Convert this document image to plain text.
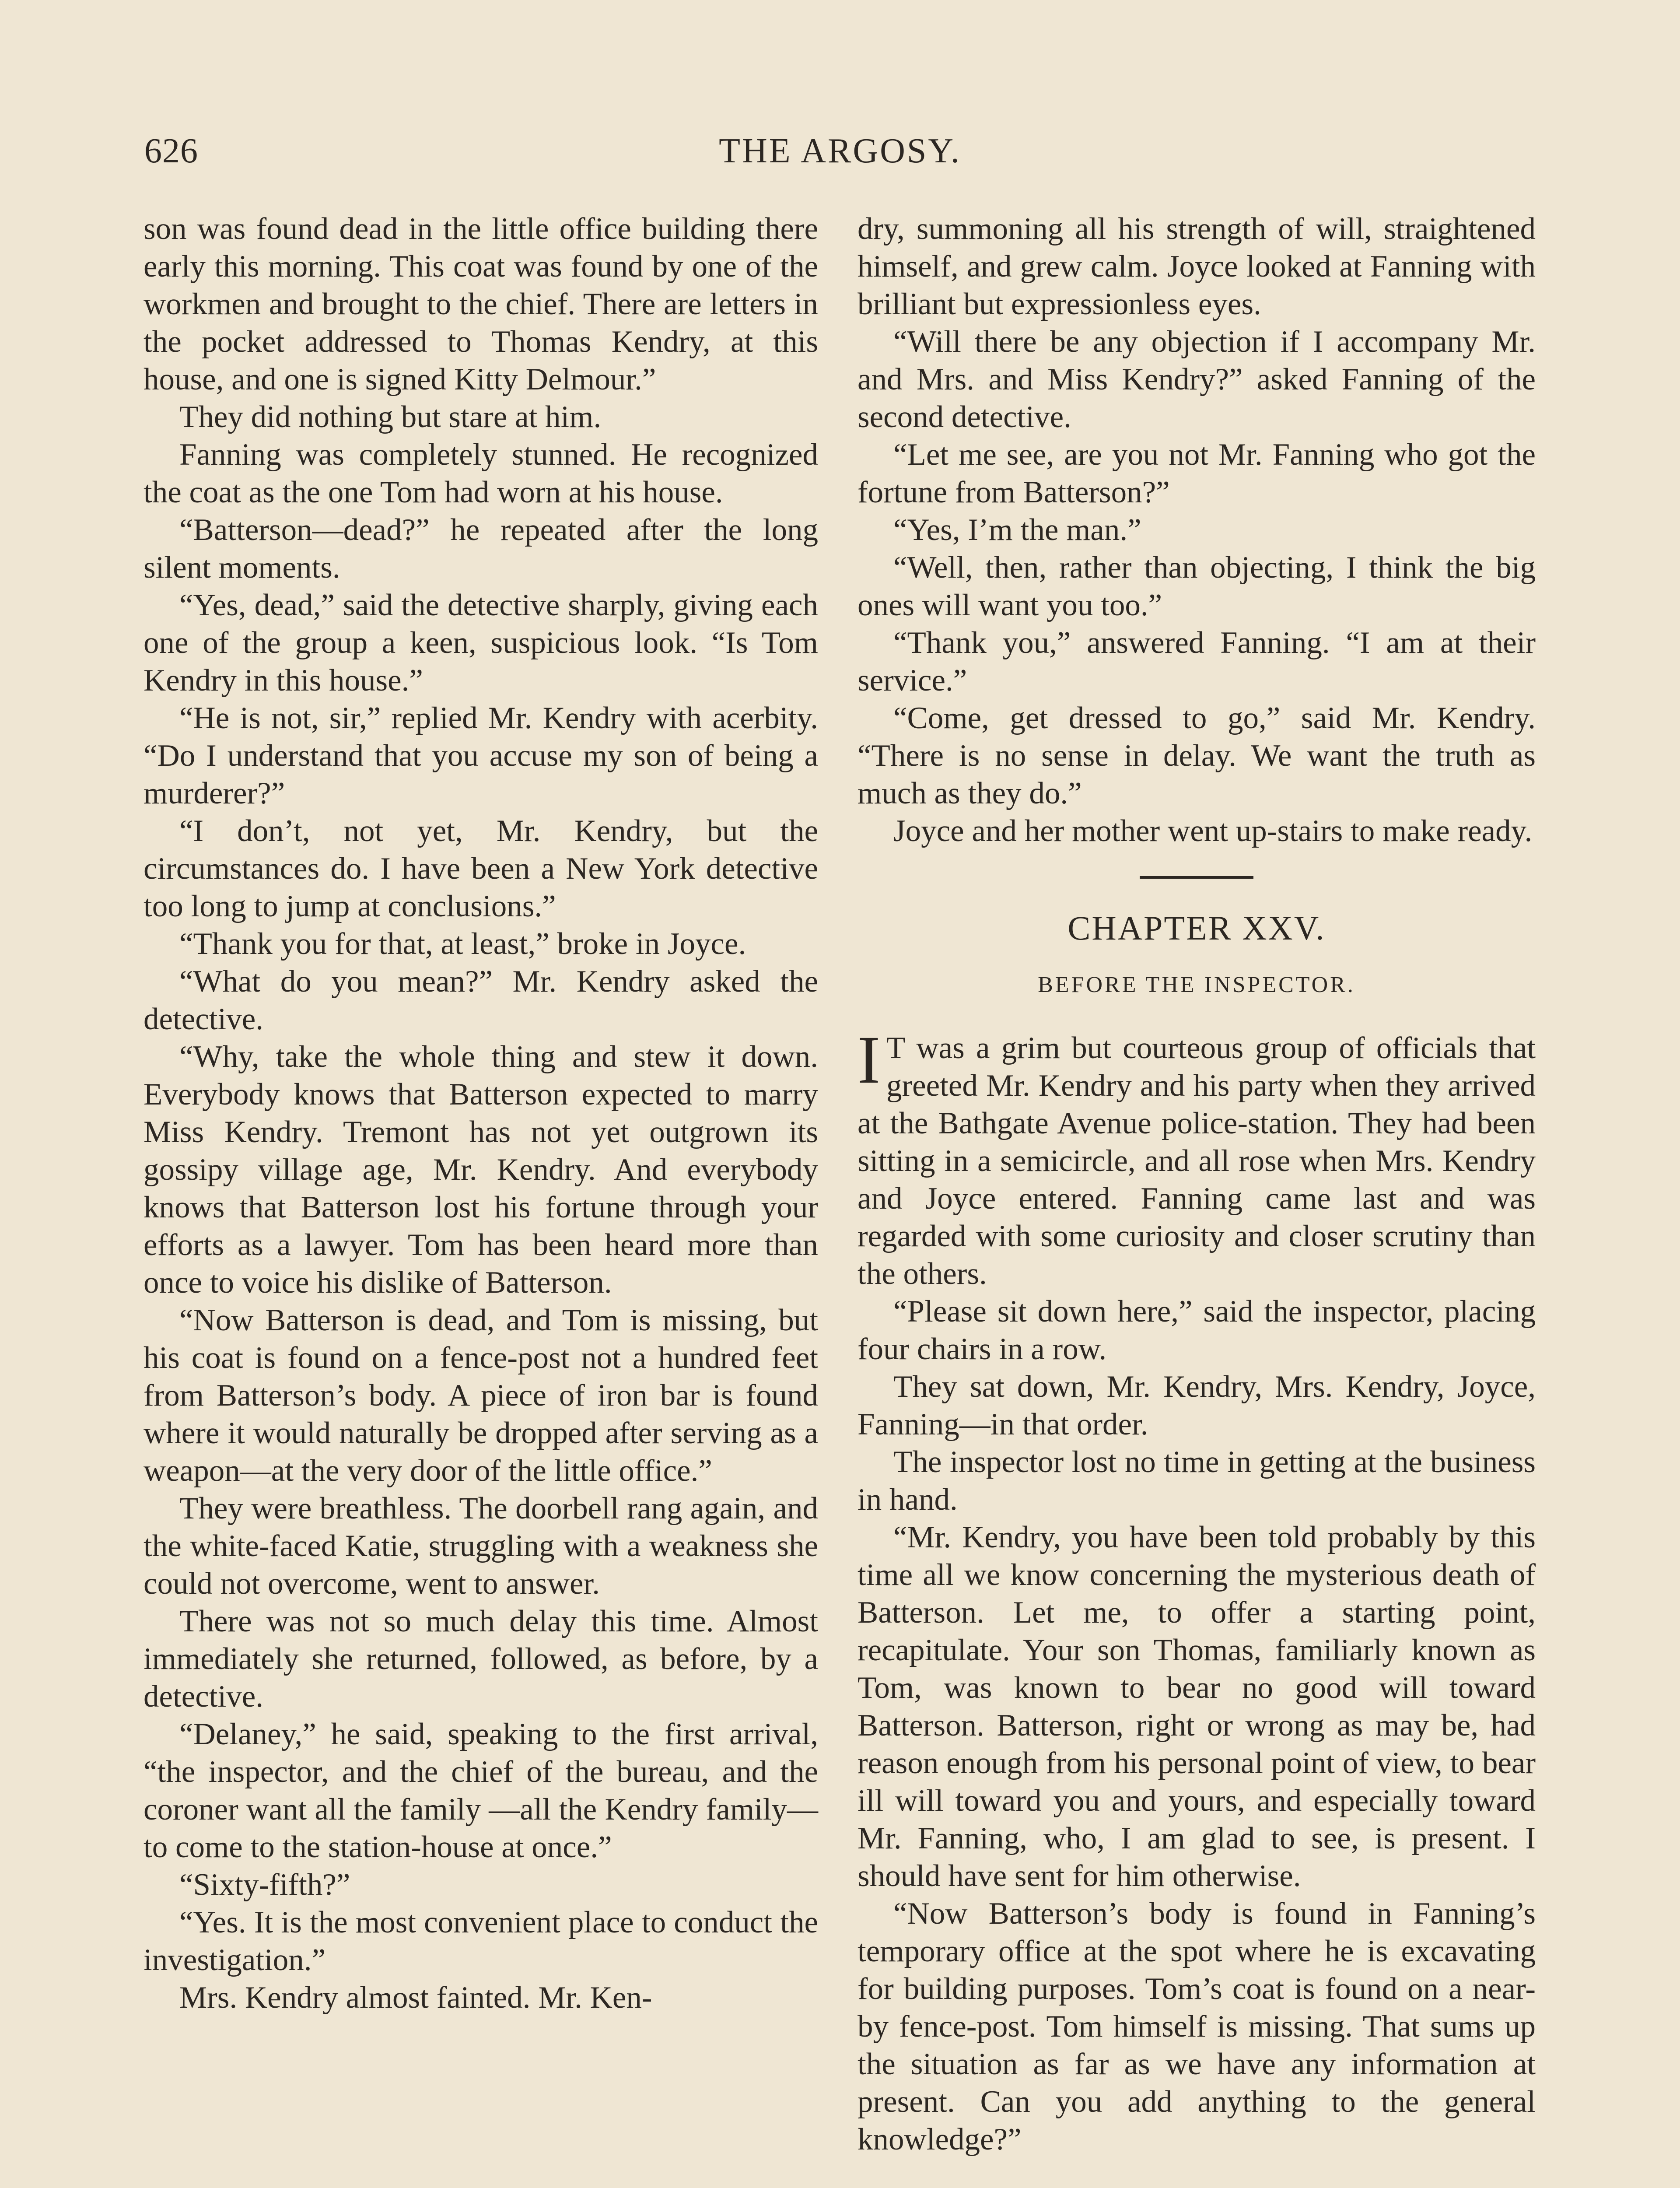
626	THE ARGOSY.

son was found dead in the little office building there early this morning. This coat was found by one of the workmen and brought to the chief. There are letters in the pocket addressed to Thomas Kendry, at this house, and one is signed Kitty Delmour.”

They did nothing but stare at him.

Fanning was completely stunned. He recognized the coat as the one Tom had worn at his house.

“Batterson—dead?” he repeated after the long silent moments.

“Yes, dead,” said the detective sharply, giving each one of the group a keen, suspicious look. “Is Tom Kendry in this house.”

“He is not, sir,” replied Mr. Kendry with acerbity. “Do I understand that you accuse my son of being a murderer?”

“I don’t, not yet, Mr. Kendry, but the circumstances do. I have been a New York detective too long to jump at conclusions.”

“Thank you for that, at least,” broke in Joyce.

“What do you mean?” Mr. Kendry asked the detective.

“Why, take the whole thing and stew it down. Everybody knows that Batterson expected to marry Miss Kendry. Tremont has not yet outgrown its gossipy village age, Mr. Kendry. And everybody knows that Batterson lost his fortune through your efforts as a lawyer. Tom has been heard more than once to voice his dislike of Batterson.

“Now Batterson is dead, and Tom is missing, but his coat is found on a fence-post not a hundred feet from Batterson’s body. A piece of iron bar is found where it would naturally be dropped after serving as a weapon—at the very door of the little office.”

They were breathless. The doorbell rang again, and the white-faced Katie, struggling with a weakness she could not overcome, went to answer.

There was not so much delay this time. Almost immediately she returned, followed, as before, by a detective.

“Delaney,” he said, speaking to the first arrival, “the inspector, and the chief of the bureau, and the coroner want all the family —all the Kendry family—to come to the station-house at once.”

“Sixty-fifth?”

“Yes. It is the most convenient place to conduct the investigation.”

Mrs. Kendry almost fainted. Mr. Ken-

dry, summoning all his strength of will, straightened himself, and grew calm. Joyce looked at Fanning with brilliant but expressionless eyes.

“Will there be any objection if I accompany Mr. and Mrs. and Miss Kendry?” asked Fanning of the second detective.

“Let me see, are you not Mr. Fanning who got the fortune from Batterson?”

“Yes, I’m the man.”

“Well, then, rather than objecting, I think the big ones will want you too.”

“Thank you,” answered Fanning. “I am at their service.”

“Come, get dressed to go,” said Mr. Kendry. “There is no sense in delay. We want the truth as much as they do.”

Joyce and her mother went up-stairs to make ready.

CHAPTER XXV.
BEFORE THE INSPECTOR.

I T was a grim but courteous group of officials that greeted Mr. Kendry and his party when they arrived at the Bathgate Avenue police-station. They had been sitting in a semicircle, and all rose when Mrs. Kendry and Joyce entered. Fanning came last and was regarded with some curiosity and closer scrutiny than the others.

“Please sit down here,” said the inspector, placing four chairs in a row.

They sat down, Mr. Kendry, Mrs. Kendry, Joyce, Fanning—in that order.

The inspector lost no time in getting at the business in hand.

“Mr. Kendry, you have been told probably by this time all we know concerning the mysterious death of Batterson. Let me, to offer a starting point, recapitulate. Your son Thomas, familiarly known as Tom, was known to bear no good will toward Batterson. Batterson, right or wrong as may be, had reason enough from his personal point of view, to bear ill will toward you and yours, and especially toward Mr. Fanning, who, I am glad to see, is present. I should have sent for him otherwise.

“Now Batterson’s body is found in Fanning’s temporary office at the spot where he is excavating for building purposes. Tom’s coat is found on a near-by fence-post. Tom himself is missing. That sums up the situation as far as we have any information at present. Can you add anything to the general knowledge?”
